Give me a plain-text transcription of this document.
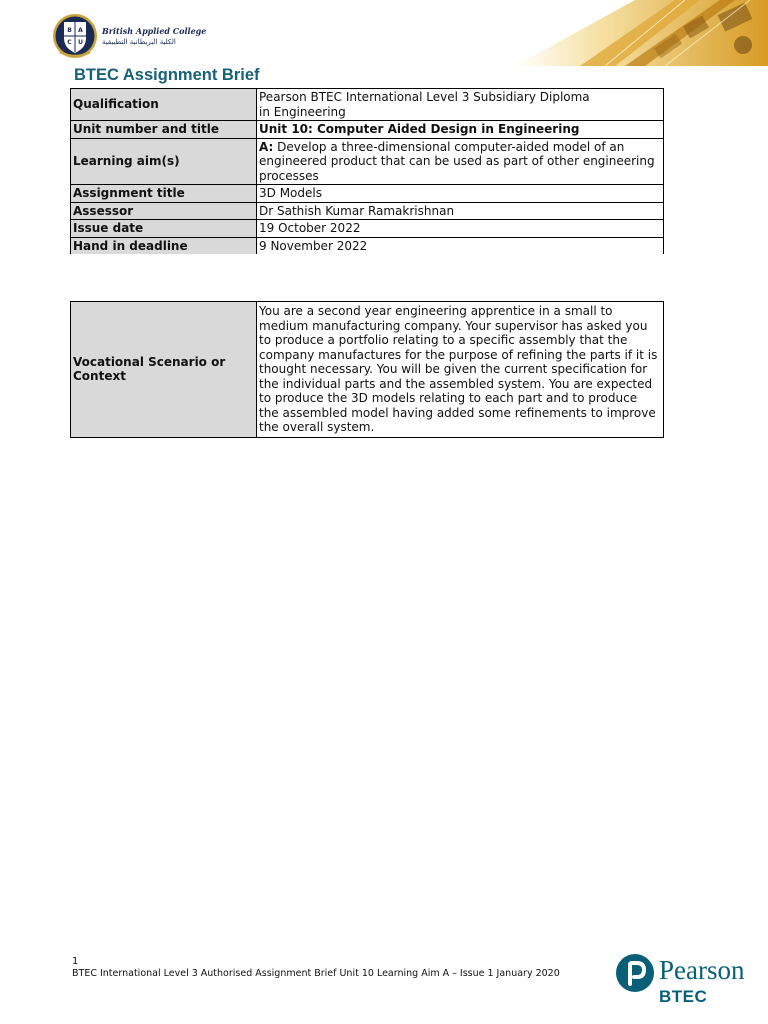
B A
C U
British Applied College
الكلية البريطانية التطبيقية
BTEC Assignment Brief
Qualification	Pearson BTEC International Level 3 Subsidiary Diploma
in Engineering

Unit number and title	Unit 10: Computer Aided Design in Engineering
Learning aim(s)	A: Develop a three-dimensional computer-aided model of an engineered product that can be used as part of other engineering processes
Assignment title	3D Models
Assessor	Dr Sathish Kumar Ramakrishnan
Issue date	19 October 2022
Hand in deadline	9 November 2022
Vocational Scenario or Context	You are a second year engineering apprentice in a small to medium manufacturing company. Your supervisor has asked you to produce a portfolio relating to a specific assembly that the company manufactures for the purpose of refining the parts if it is thought necessary. You will be given the current specification for the individual parts and the assembled system. You are expected to produce the 3D models relating to each part and to produce the assembled model having added some refinements to improve the overall system.
1
BTEC International Level 3 Authorised Assignment Brief Unit 10 Learning Aim A – Issue 1 January 2020	Pearson
BTEC
